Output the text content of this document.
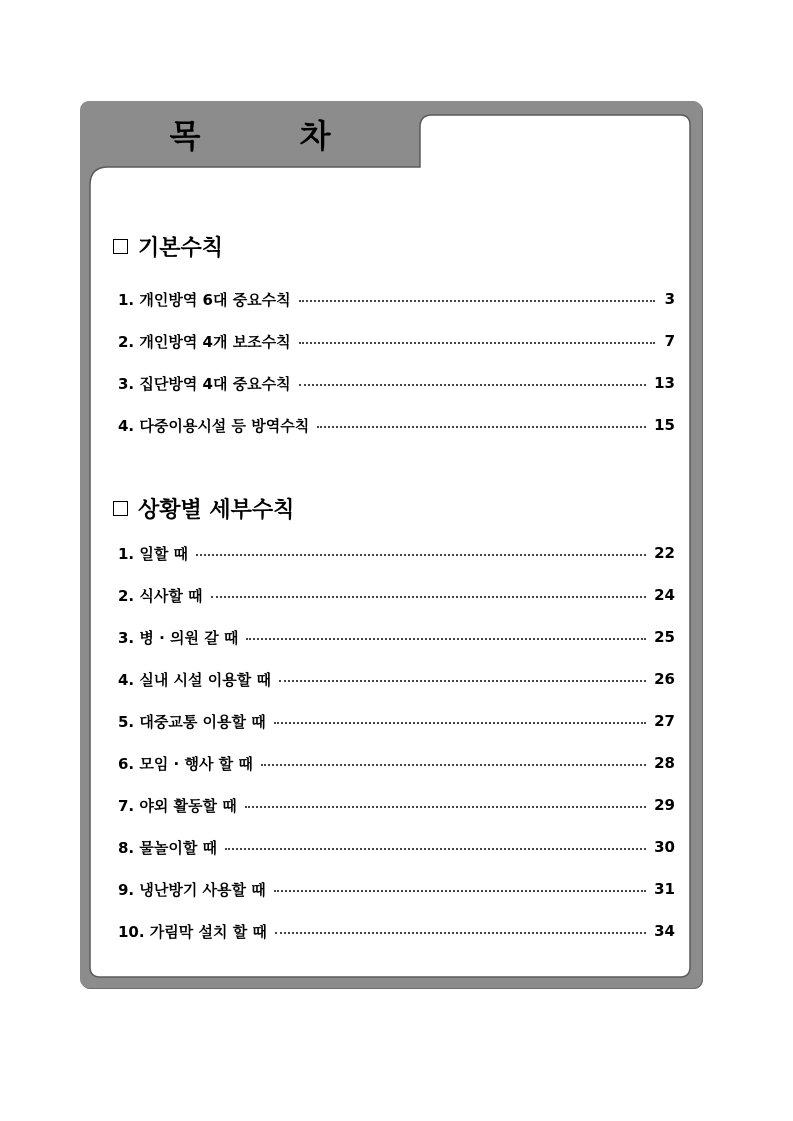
목 차
기본수칙
1. 개인방역 6대 중요수칙	3
2. 개인방역 4개 보조수칙	7
3. 집단방역 4대 중요수칙	13
4. 다중이용시설 등 방역수칙	15
상황별 세부수칙
1. 일할 때	22
2. 식사할 때	24
3. 병 · 의원 갈 때	25
4. 실내 시설 이용할 때	26
5. 대중교통 이용할 때	27
6. 모임 · 행사 할 때	28
7. 야외 활동할 때	29
8. 물놀이할 때	30
9. 냉난방기 사용할 때	31
10. 가림막 설치 할 때	34
